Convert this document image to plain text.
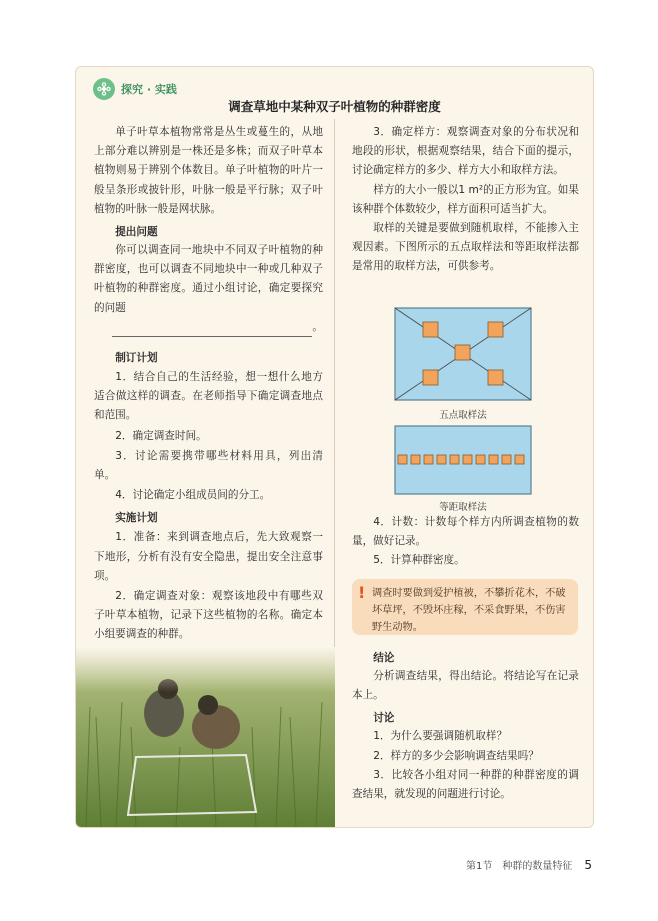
探究 · 实践
调查草地中某种双子叶植物的种群密度

单子叶草本植物常常是丛生或蔓生的，从地上部分难以辨别是一株还是多株；而双子叶草本植物则易于辨别个体数目。单子叶植物的叶片一般呈条形或披针形，叶脉一般是平行脉；双子叶植物的叶脉一般是网状脉。

提出问题

你可以调查同一地块中不同双子叶植物的种群密度，也可以调查不同地块中一种或几种双子叶植物的种群密度。通过小组讨论，确定要探究的问题

。
制订计划

1．结合自己的生活经验，想一想什么地方适合做这样的调查。在老师指导下确定调查地点和范围。

2．确定调查时间。

3．讨论需要携带哪些材料用具，列出清单。

4．讨论确定小组成员间的分工。

实施计划

1．准备：来到调查地点后，先大致观察一下地形，分析有没有安全隐患，提出安全注意事项。

2．确定调查对象：观察该地段中有哪些双子叶草本植物，记录下这些植物的名称。确定本小组要调查的种群。

3．确定样方：观察调查对象的分布状况和地段的形状，根据观察结果，结合下面的提示，讨论确定样方的多少、样方大小和取样方法。

样方的大小一般以1 m²的正方形为宜。如果该种群个体数较少，样方面积可适当扩大。

取样的关键是要做到随机取样，不能掺入主观因素。下图所示的五点取样法和等距取样法都是常用的取样方法，可供参考。

五点取样法
等距取样法

4．计数：计数每个样方内所调查植物的数量，做好记录。

5．计算种群密度。

! 调查时要做到爱护植被，不攀折花木，不破坏草坪，不毁坏庄稼，不采食野果，不伤害野生动物。
结论

分析调查结果，得出结论。将结论写在记录本上。

讨论

1．为什么要强调随机取样？

2．样方的多少会影响调查结果吗？

3．比较各小组对同一种群的种群密度的调查结果，就发现的问题进行讨论。

第1节　种群的数量特征 5
